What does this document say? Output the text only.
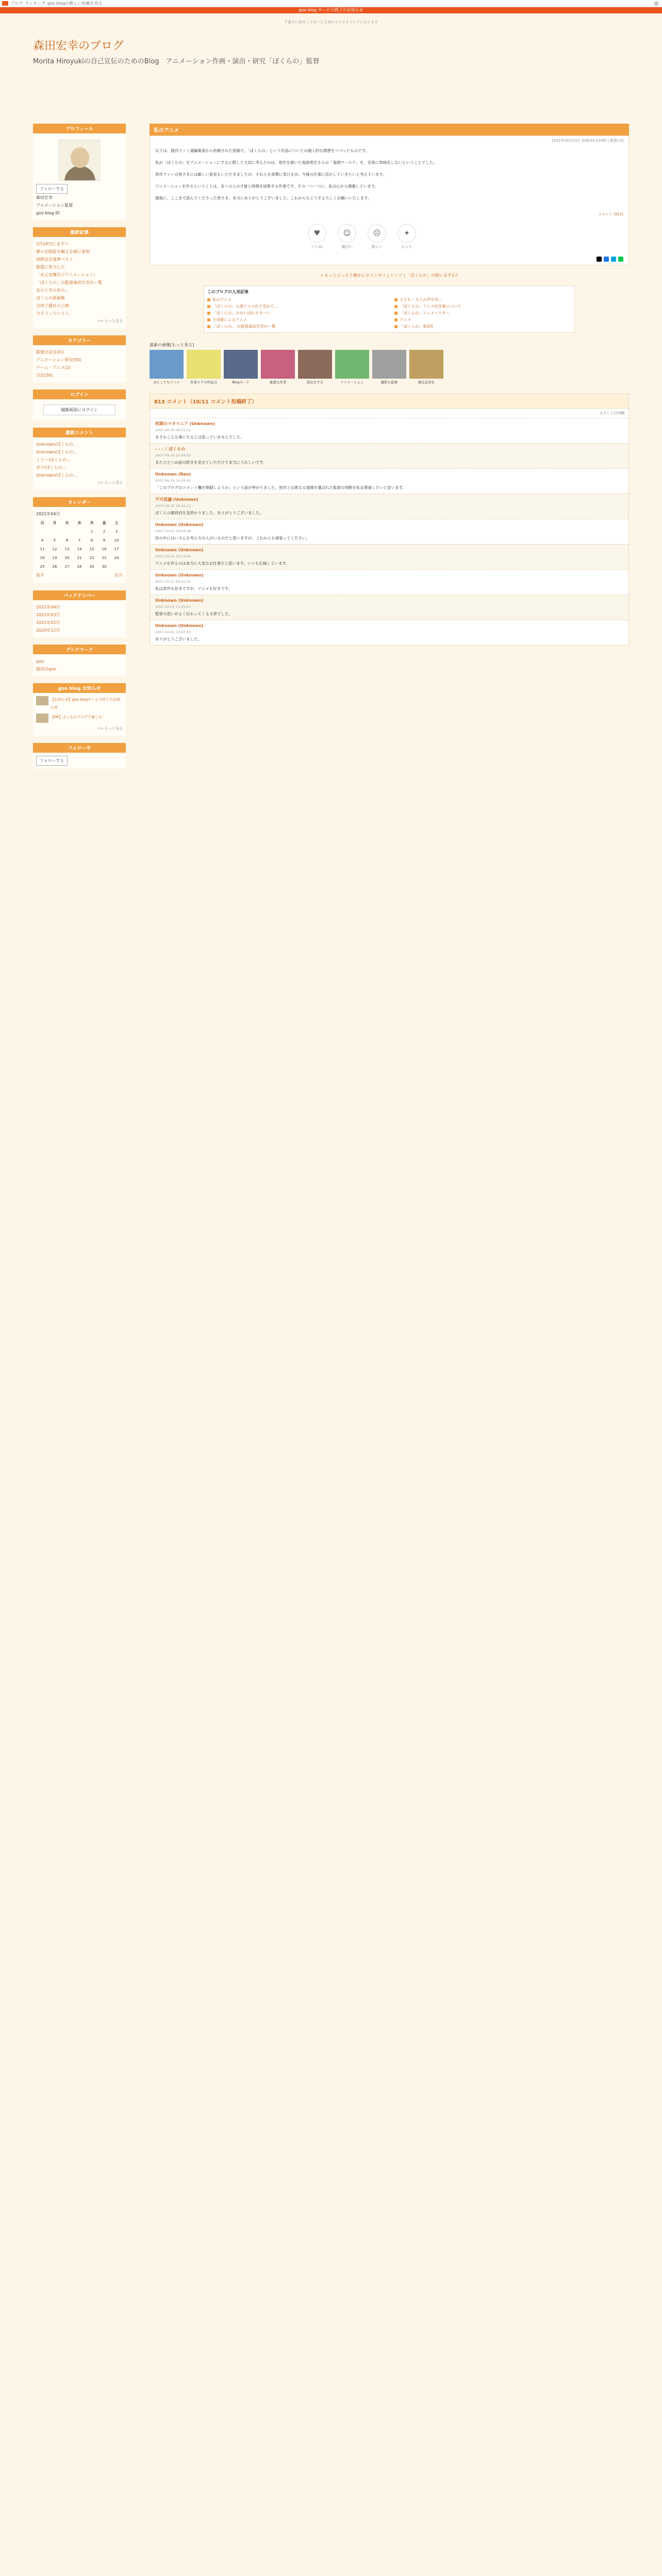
ブログ ランキング goo blogの新しい投稿を見る
goo blog サービス終了のお知らせ
下書きに保存しておいた文章がそのままブログになります
森田宏幸のブログ
Morita Hiroyukiの自己宣伝のためのBlog　アニメーション作画・演出・研究「ぼくらの」監督
プロフィール
フォローする
森田宏幸
アニメーション監督
goo blog ID
最新記事
3月10日にまずべ
夢の北欧絵を観る企画に参加
国際会計基準ベスト
節電に努力した
「水元宜輝氏でアニメーション」
「ぼくらの」の監督森田宏幸がー覧
あのときのあの...
ぼくらの原画集
吉田工藝社の上映
今そうっていう人
>> もっと見る
カテゴリー
監督日記(101)
アニメーション研究(50)
ゲーム・アニメ(2)
日記(30)
ログイン
編集画面にログイン
最新コメント
Unknown/ぼくらの...
Unknown/ぼくらの...
ミツー/ぼくらの...
ガウ/ぼくらの...
Unknown/ぼくらの...
>> もっと見る
カレンダー
2021年04月
日	月	火	水	木	金	土
				1	2	3
4	5	6	7	8	9	10
11	12	13	14	15	16	17
18	19	20	21	22	23	24
25	26	27	28	29	30	
前月	次月
バックナンバー
2021年04月
2021年03月
2021年01月
2020年12月
ブックマーク
goo
最初はgoo
goo blog お知らせ
【お知らせ】goo blogサービス終了のお知らせ
【PR】ぷっちのブログで楽しむ
>> もっと見る
フォロー中
フォローする
私のアニメ
2021年04月23日 03時34分24秒 | 監督日記

以下は、週刊ファミ通編集部から依頼された原稿で、「ぼくらの」という作品についての個人的な感想をつづったものです。

私が「ぼくらの」をアニメーションにするに際して大切に考えたのは、原作を描いた鬼頭莫宏さんの「鬼頭ワールド」を、安易に単純化しないということでした。

原作ファンの皆さまには厳しい意見もいただきましたが、それらを真摯に受け止め、今後の仕事に活かしていきたいと考えています。

アニメーションを作るということは、多くの人の才能と時間を結集する作業です。その一つ一つに、私は心から感謝しています。

最後に、ここまで読んでくださった皆さま、本当にありがとうございました。これからもどうぞよろしくお願いいたします。

コメント (813)
♥
いいね
☺
面白い
☹
悲しい
✦
ヒント
« もっとひっそり静かにホスンダイ | トップ | 「ぼくらの」の続いますか?
このブログの人気記事
私のアニメ	子ども・大人の声を何...
「ぼくらの」公演アニメ化で売れて...	「ぼくらの」アニメ化作業について
「ぼくらの」のめいぼれネタバレ	「ぼくらの」アニメバスター
主役級によるアニメ	アニメ
「ぼくらの」 の監督森田宏幸がー覧	「ぼくらの」第2回
最新の画像[もっと見る]
あたしたちアニメ	作業ログの作品日	Blogモード	重要な作業	演出をする	アニメーション	撮影も監督	補足記述を
813 コメント（10/11 コメント投稿終了）
コメント日付順
初期のマタマニア (Unknown)
2007-09-30 08:15:32
まさかこんな事になるとは思っていませんでした。
- - - ♪ ぼくらの
2007-09-30 12:08:41
またひとつお話の続きを見せていただけて本当にうれしいです。
Unknown (Ren)
2007-09-30 14:20:05
「このブログのコメント欄を閉鎖しようか」という話が挙がりました。原作とは異なる展開を選ばれた監督の判断を私は尊重したいと思います。
不可思議 (Unknown)
2007-09-30 16:42:12
ぼくらの最終回を見終わりました。ありがとうございました。
Unknown (Unknown)
2007-10-01 00:03:58
世の中にはいろんな考え方の人がいるのだと思いますが、これからも頑張ってください。
Unknown (Unknown)
2007-10-01 02:12:44
アニメを作るのは本当に大変なお仕事だと思います。いつも応援しています。
Unknown (Unknown)
2007-10-01 09:31:20
私は原作も好きですが、アニメも好きです。
Unknown (Unknown)
2007-10-01 11:05:07
監督の思いがよく伝わってくる文章でした。
Unknown (Unknown)
2007-10-01 13:47:33
ありがとうございました。
